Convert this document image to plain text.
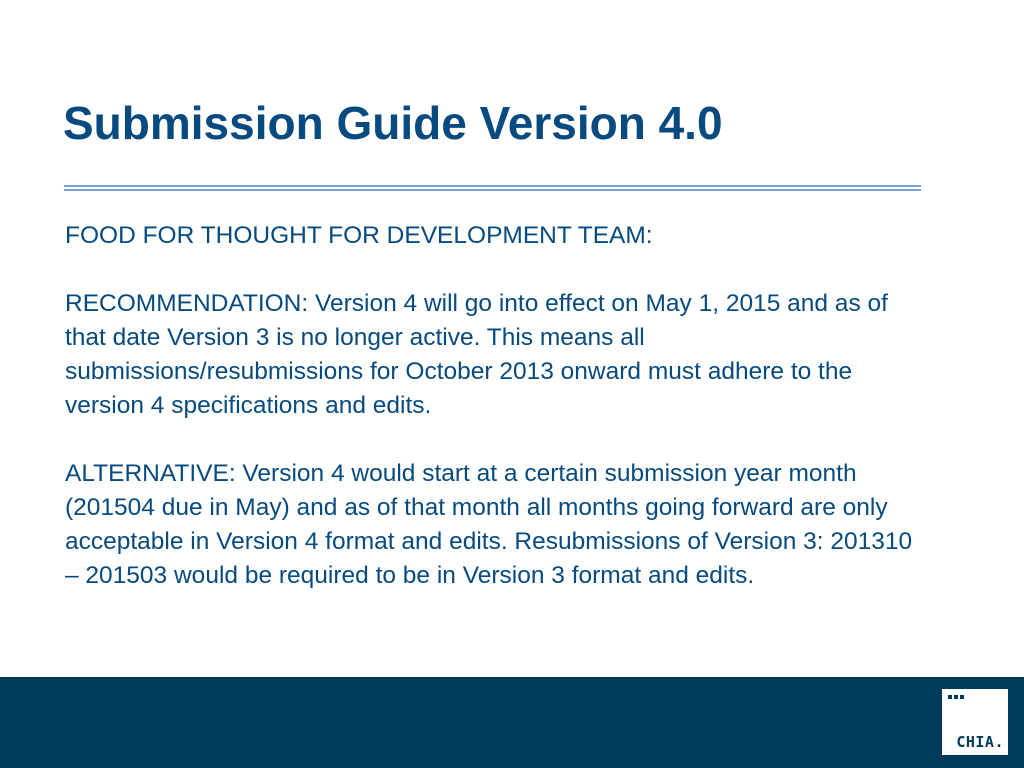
Submission Guide Version 4.0

FOOD FOR THOUGHT FOR DEVELOPMENT TEAM:

RECOMMENDATION: Version 4 will go into effect on May 1, 2015 and as of that date Version 3 is no longer active. This means all submissions/resubmissions for October 2013 onward must adhere to the version 4 specifications and edits.

ALTERNATIVE: Version 4 would start at a certain submission year month (201504 due in May) and as of that month all months going forward are only acceptable in Version 4 format and edits. Resubmissions of Version 3: 201310 – 201503 would be required to be in Version 3 format and edits.

CHIA.
